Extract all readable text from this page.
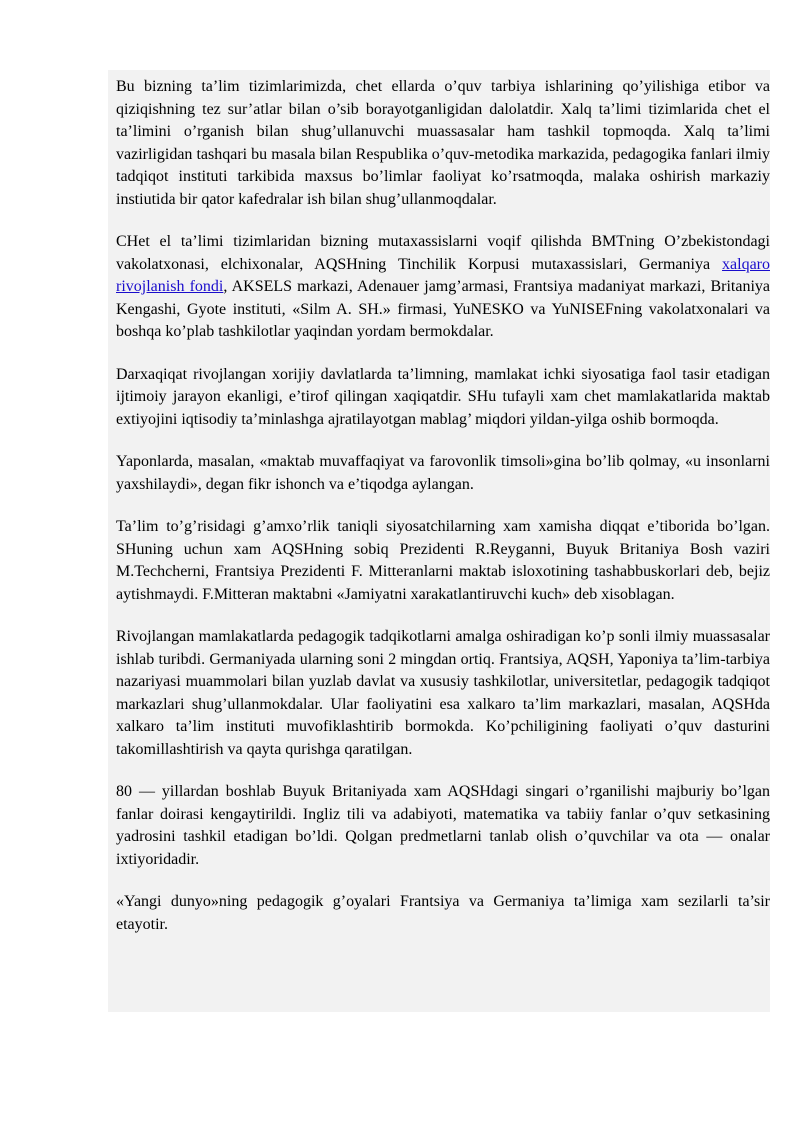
Bu bizning ta’lim tizimlarimizda, chet ellarda o’quv tarbiya ishlarining qo’yilishiga etibor va qiziqishning tez sur’atlar bilan o’sib borayotganligidan dalolatdir. Xalq ta’limi tizimlarida chet el ta’limini o’rganish bilan shug’ullanuvchi muassasalar ham tashkil topmoqda. Xalq ta’limi vazirligidan tashqari bu masala bilan Respublika o’quv-metodika markazida, pedagogika fanlari ilmiy tadqiqot instituti tarkibida maxsus bo’limlar faoliyat ko’rsatmoqda, malaka oshirish markaziy instiutida bir qator kafedralar ish bilan shug’ullanmoqdalar.

CHet el ta’limi tizimlaridan bizning mutaxassislarni voqif qilishda BMTning O’zbekistondagi vakolatxonasi, elchixonalar, AQSHning Tinchilik Korpusi mutaxassislari, Germaniya xalqaro rivojlanish fondi, AKSELS markazi, Adenauer jamg’armasi, Frantsiya madaniyat markazi, Britaniya Kengashi, Gyote instituti, «Silm A. SH.» firmasi, YuNESKO va YuNISEFning vakolatxonalari va boshqa ko’plab tashkilotlar yaqindan yordam bermokdalar.

Darxaqiqat rivojlangan xorijiy davlatlarda ta’limning, mamlakat ichki siyosatiga faol tasir etadigan ijtimoiy jarayon ekanligi, e’tirof qilingan xaqiqatdir. SHu tufayli xam chet mamlakatlarida maktab extiyojini iqtisodiy ta’minlashga ajratilayotgan mablag’ miqdori yildan-yilga oshib bormoqda.

Yaponlarda, masalan, «maktab muvaffaqiyat va farovonlik timsoli»gina bo’lib qolmay, «u insonlarni yaxshilaydi», degan fikr ishonch va e’tiqodga aylangan.

Ta’lim to’g’risidagi g’amxo’rlik taniqli siyosatchilarning xam xamisha diqqat e’tiborida bo’lgan. SHuning uchun xam AQSHning sobiq Prezidenti R.Reyganni, Buyuk Britaniya Bosh vaziri M.Techcherni, Frantsiya Prezidenti F. Mitteranlarni maktab isloxotining tashabbuskorlari deb, bejiz aytishmaydi. F.Mitteran maktabni «Jamiyatni xarakatlantiruvchi kuch» deb xisoblagan.

Rivojlangan mamlakatlarda pedagogik tadqikotlarni amalga oshiradigan ko’p sonli ilmiy muassasalar ishlab turibdi. Germaniyada ularning soni 2 mingdan ortiq. Frantsiya, AQSH, Yaponiya ta’lim-tarbiya nazariyasi muammolari bilan yuzlab davlat va xususiy tashkilotlar, universitetlar, pedagogik tadqiqot markazlari shug’ullanmokdalar. Ular faoliyatini esa xalkaro ta’lim markazlari, masalan, AQSHda xalkaro ta’lim instituti muvofiklashtirib bormokda. Ko’pchiligining faoliyati o’quv dasturini takomillashtirish va qayta qurishga qaratilgan.

80 — yillardan boshlab Buyuk Britaniyada xam AQSHdagi singari o’rganilishi majburiy bo’lgan fanlar doirasi kengaytirildi. Ingliz tili va adabiyoti, matematika va tabiiy fanlar o’quv setkasining yadrosini tashkil etadigan bo’ldi. Qolgan predmetlarni tanlab olish o’quvchilar va ota — onalar ixtiyoridadir.

«Yangi dunyo»ning pedagogik g’oyalari Frantsiya va Germaniya ta’limiga xam sezilarli ta’sir etayotir.
